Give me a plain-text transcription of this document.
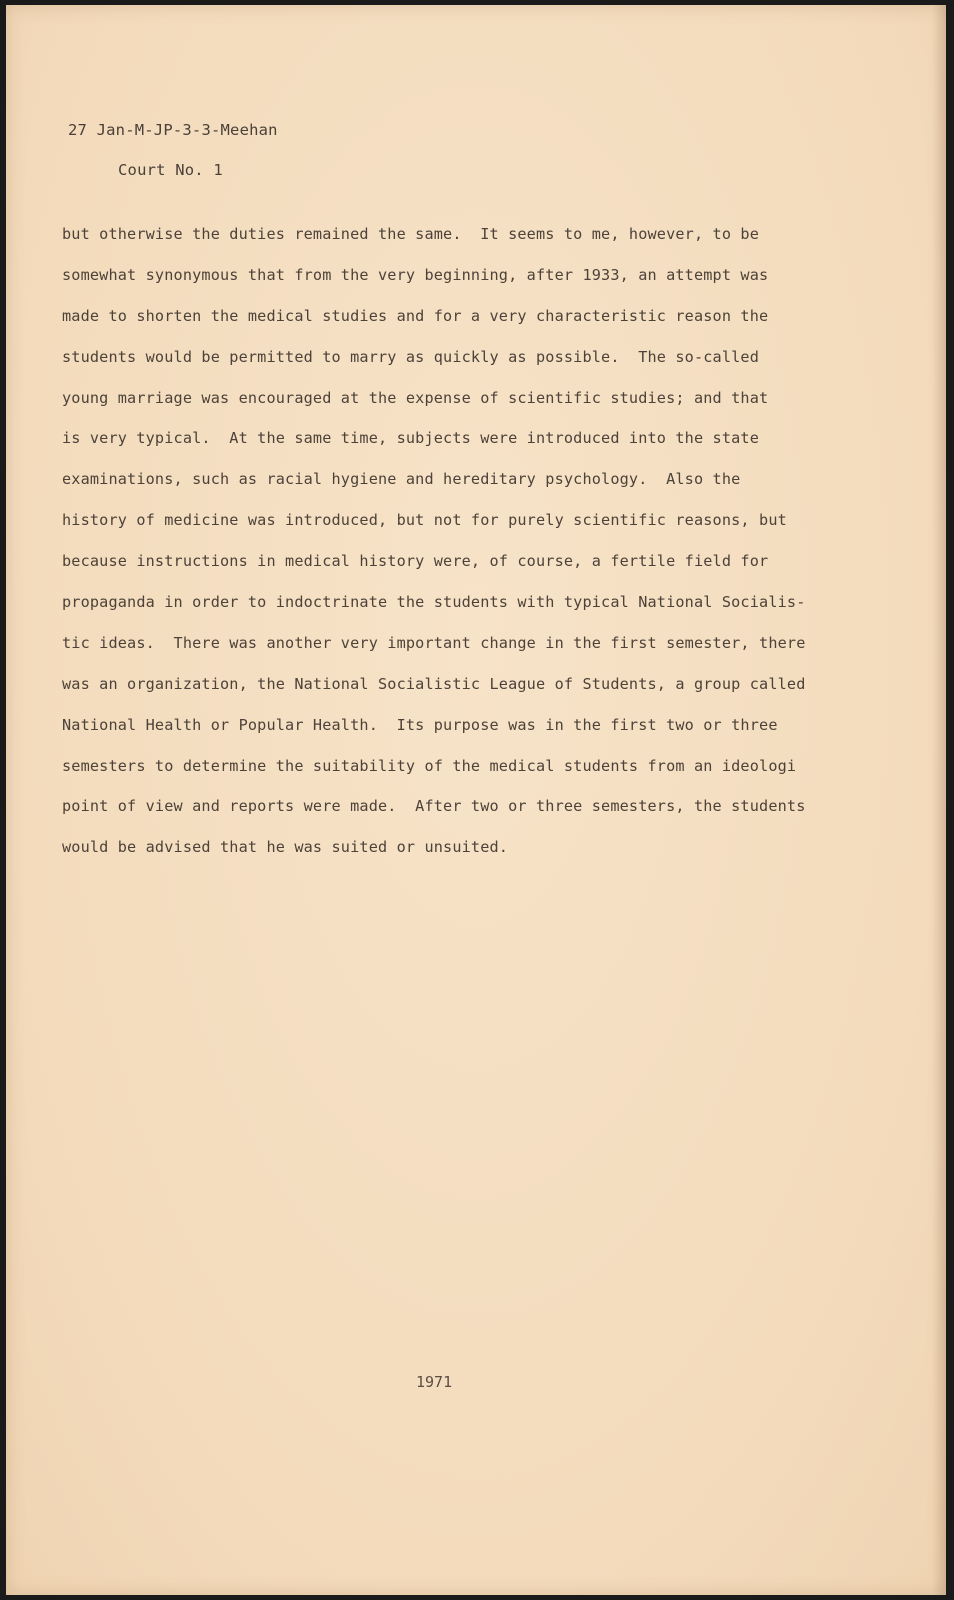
27 Jan-M-JP-3-3-Meehan
Court No. 1
but otherwise the duties remained the same.  It seems to me, however, to be
somewhat synonymous that from the very beginning, after 1933, an attempt was
made to shorten the medical studies and for a very characteristic reason the
students would be permitted to marry as quickly as possible.  The so-called
young marriage was encouraged at the expense of scientific studies; and that
is very typical.  At the same time, subjects were introduced into the state
examinations, such as racial hygiene and hereditary psychology.  Also the
history of medicine was introduced, but not for purely scientific reasons, but
because instructions in medical history were, of course, a fertile field for
propaganda in order to indoctrinate the students with typical National Socialis-
tic ideas.  There was another very important change in the first semester, there
was an organization, the National Socialistic League of Students, a group called
National Health or Popular Health.  Its purpose was in the first two or three
semesters to determine the suitability of the medical students from an ideologi
point of view and reports were made.  After two or three semesters, the students
would be advised that he was suited or unsuited.
1971
